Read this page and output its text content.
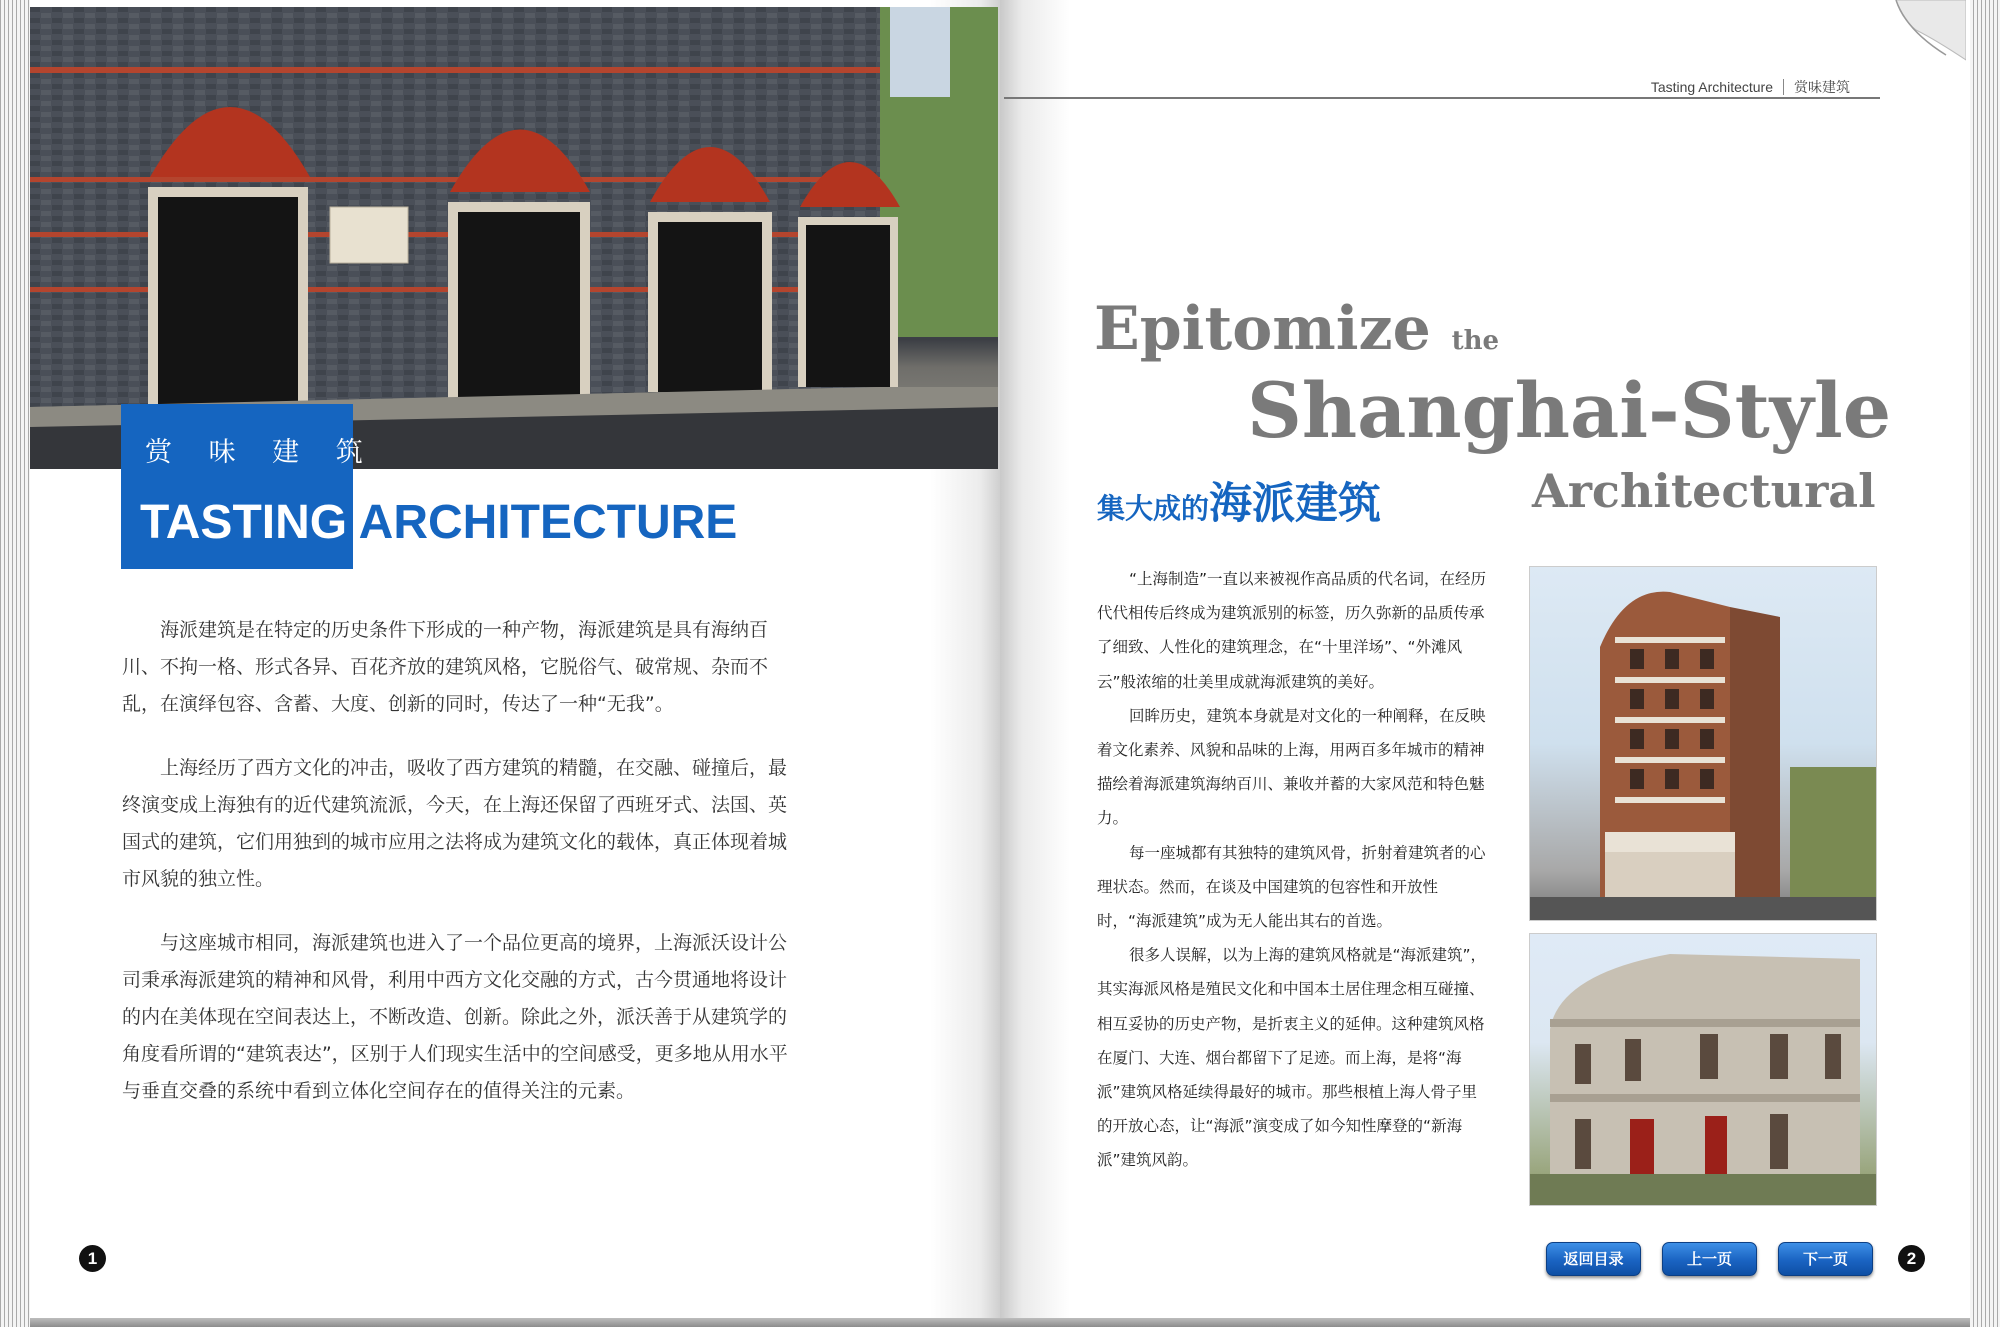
赏 味 建 筑
TASTING ARCHITECTURE

海派建筑是在特定的历史条件下形成的一种产物，海派建筑是具有海纳百川、不拘一格、形式各异、百花齐放的建筑风格，它脱俗气、破常规、杂而不乱，在演绎包容、含蓄、大度、创新的同时，传达了一种“无我”。

上海经历了西方文化的冲击，吸收了西方建筑的精髓，在交融、碰撞后，最终演变成上海独有的近代建筑流派，今天，在上海还保留了西班牙式、法国、英国式的建筑，它们用独到的城市应用之法将成为建筑文化的载体，真正体现着城市风貌的独立性。

与这座城市相同，海派建筑也进入了一个品位更高的境界，上海派沃设计公司秉承海派建筑的精神和风骨，利用中西方文化交融的方式，古今贯通地将设计的内在美体现在空间表达上，不断改造、创新。除此之外，派沃善于从建筑学的角度看所谓的“建筑表达”，区别于人们现实生活中的空间感受，更多地从用水平与垂直交叠的系统中看到立体化空间存在的值得关注的元素。

1
Tasting Architecture 赏味建筑
Epitomize the
Shanghai-Style
Architectural
集大成的海派建筑

“上海制造”一直以来被视作高品质的代名词，在经历代代相传后终成为建筑派别的标签，历久弥新的品质传承了细致、人性化的建筑理念，在“十里洋场”、“外滩风云”般浓缩的壮美里成就海派建筑的美好。

回眸历史，建筑本身就是对文化的一种阐释，在反映着文化素养、风貌和品味的上海，用两百多年城市的精神描绘着海派建筑海纳百川、兼收并蓄的大家风范和特色魅力。

每一座城都有其独特的建筑风骨，折射着建筑者的心理状态。然而，在谈及中国建筑的包容性和开放性时，“海派建筑”成为无人能出其右的首选。

很多人误解，以为上海的建筑风格就是“海派建筑”，其实海派风格是殖民文化和中国本土居住理念相互碰撞、相互妥协的历史产物，是折衷主义的延伸。这种建筑风格在厦门、大连、烟台都留下了足迹。而上海，是将“海派”建筑风格延续得最好的城市。那些根植上海人骨子里的开放心态，让“海派”演变成了如今知性摩登的“新海派”建筑风韵。

返回目录	上一页	下一页	2
